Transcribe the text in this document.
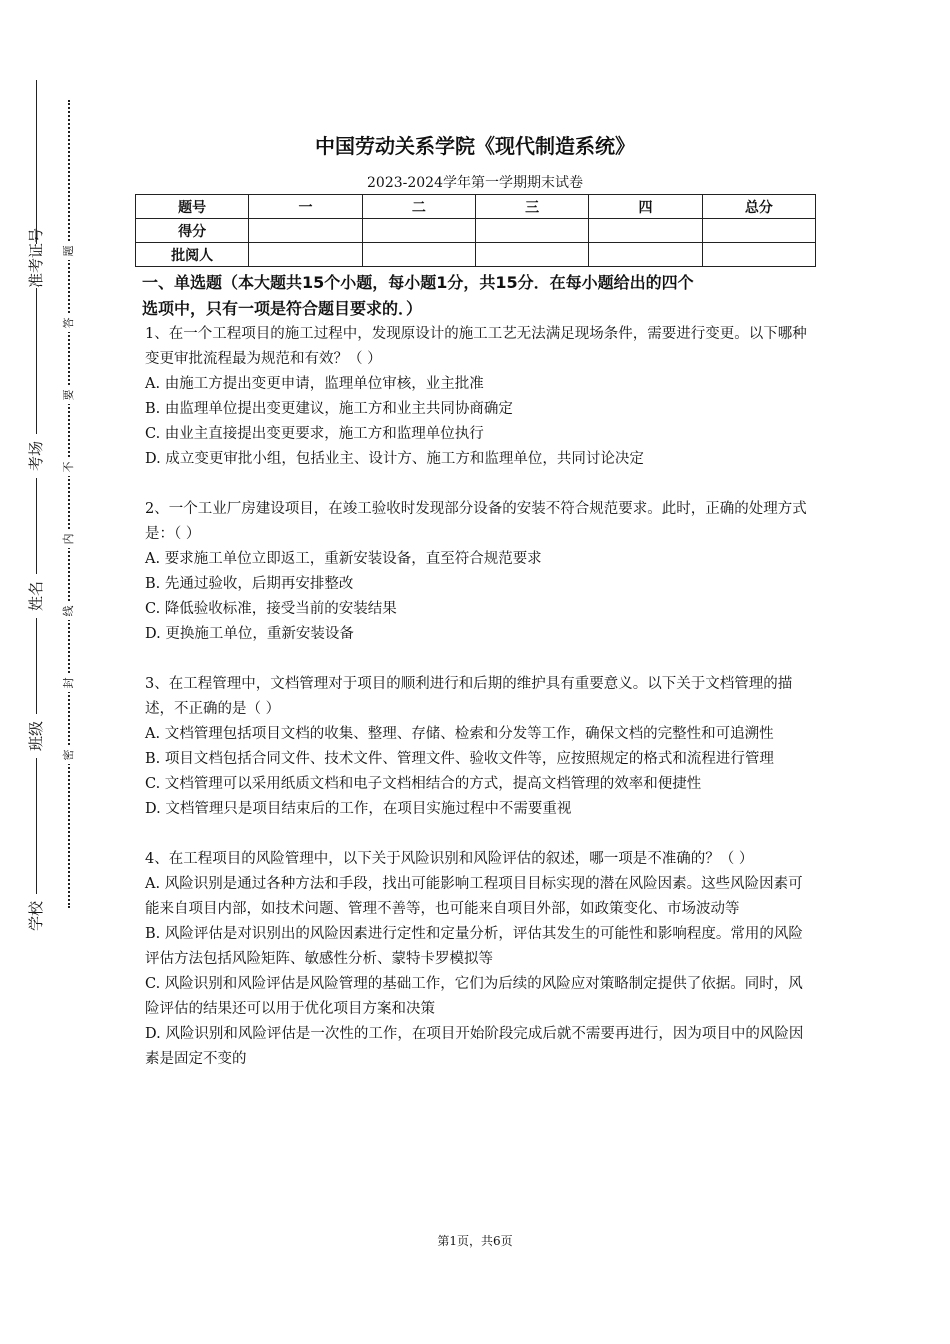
准考证号
考场
姓名
班级
学校
题
答
要
不
内
线
封
密
中国劳动关系学院《现代制造系统》
2023-2024学年第一学期期末试卷
题号	一	二	三	四	总分
得分					
批阅人					
一、单选题（本大题共15个小题，每小题1分，共15分．在每小题给出的四个
选项中，只有一项是符合题目要求的．）
1、在一个工程项目的施工过程中，发现原设计的施工工艺无法满足现场条件，需要进行变更。以下哪种变更审批流程最为规范和有效？（ ）
A. 由施工方提出变更申请，监理单位审核，业主批准
B. 由监理单位提出变更建议，施工方和业主共同协商确定
C. 由业主直接提出变更要求，施工方和监理单位执行
D. 成立变更审批小组，包括业主、设计方、施工方和监理单位，共同讨论决定
2、一个工业厂房建设项目，在竣工验收时发现部分设备的安装不符合规范要求。此时，正确的处理方式是：（ ）
A. 要求施工单位立即返工，重新安装设备，直至符合规范要求
B. 先通过验收，后期再安排整改
C. 降低验收标准，接受当前的安装结果
D. 更换施工单位，重新安装设备
3、在工程管理中，文档管理对于项目的顺利进行和后期的维护具有重要意义。以下关于文档管理的描述，不正确的是（ ）
A. 文档管理包括项目文档的收集、整理、存储、检索和分发等工作，确保文档的完整性和可追溯性
B. 项目文档包括合同文件、技术文件、管理文件、验收文件等，应按照规定的格式和流程进行管理
C. 文档管理可以采用纸质文档和电子文档相结合的方式，提高文档管理的效率和便捷性
D. 文档管理只是项目结束后的工作，在项目实施过程中不需要重视
4、在工程项目的风险管理中，以下关于风险识别和风险评估的叙述，哪一项是不准确的？（ ）
A. 风险识别是通过各种方法和手段，找出可能影响工程项目目标实现的潜在风险因素。这些风险因素可能来自项目内部，如技术问题、管理不善等，也可能来自项目外部，如政策变化、市场波动等
B. 风险评估是对识别出的风险因素进行定性和定量分析，评估其发生的可能性和影响程度。常用的风险评估方法包括风险矩阵、敏感性分析、蒙特卡罗模拟等
C. 风险识别和风险评估是风险管理的基础工作，它们为后续的风险应对策略制定提供了依据。同时，风险评估的结果还可以用于优化项目方案和决策
D. 风险识别和风险评估是一次性的工作，在项目开始阶段完成后就不需要再进行，因为项目中的风险因素是固定不变的
第1页，共6页
